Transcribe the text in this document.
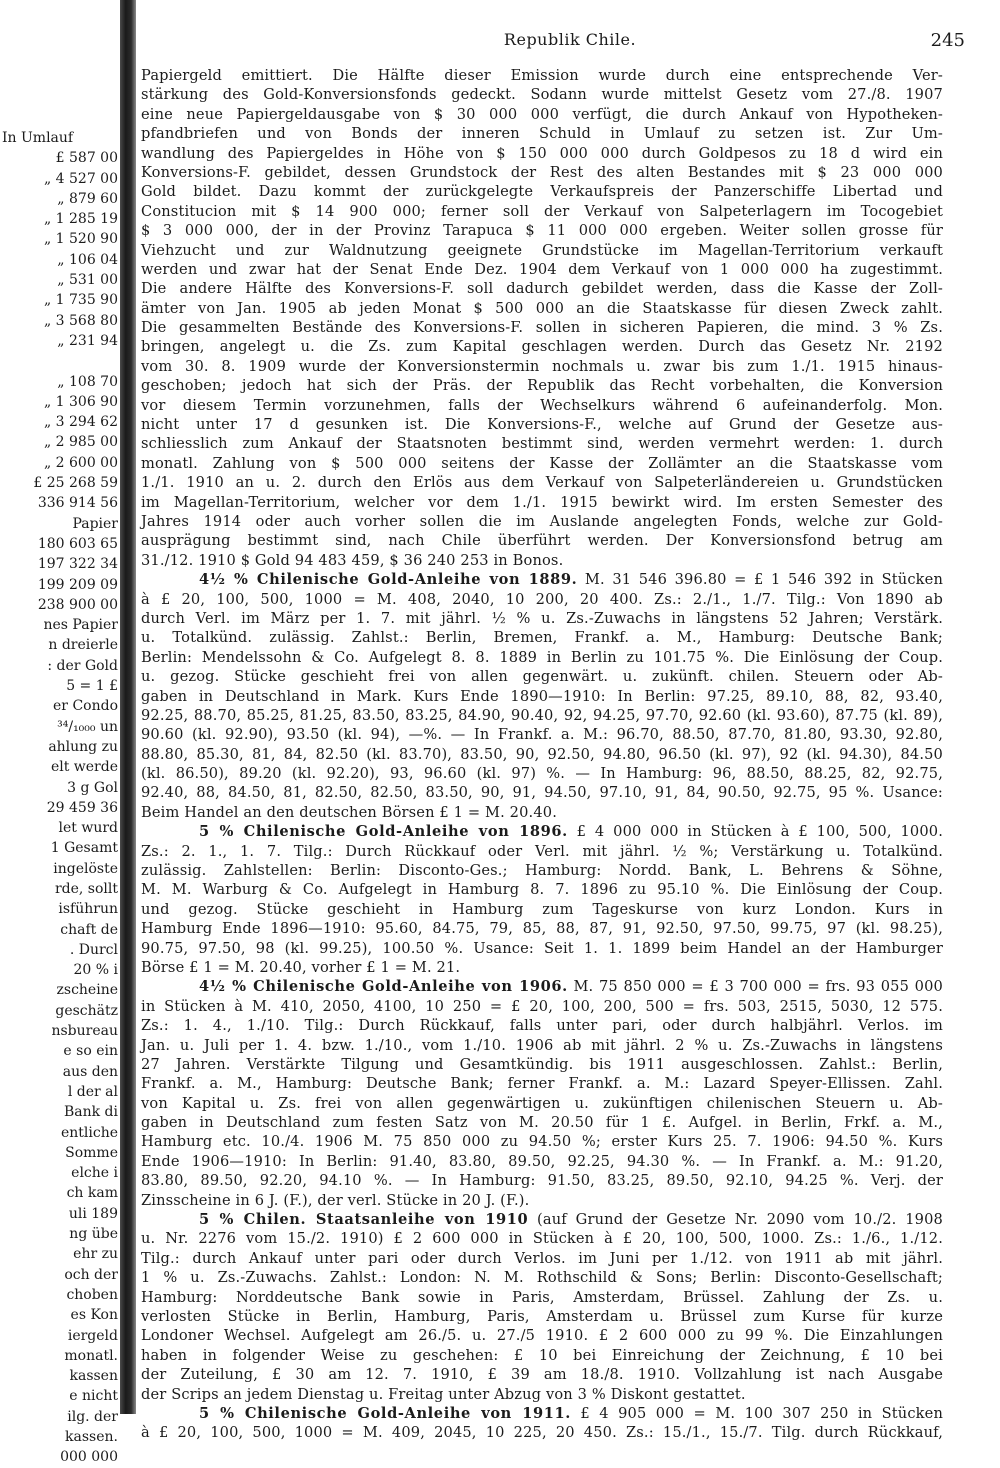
In Umlauf
£ 587 00
„ 4 527 00
„ 879 60
„ 1 285 19
„ 1 520 90
„ 106 04
„ 531 00
„ 1 735 90
„ 3 568 80
„ 231 94
„ 108 70
„ 1 306 90
„ 3 294 62
„ 2 985 00
„ 2 600 00
£ 25 268 59
336 914 56
Papier
180 603 65
197 322 34
199 209 09
238 900 00
nes Papier
n dreierle
: der Gold
5 = 1 £
er Condo
³⁴/₁₀₀₀ un
ahlung zu
elt werde
3 g Gol
29 459 36
let wurd
1 Gesamt
ingelöste
rde, sollt
isführun
chaft de
. Durcl
20 % i
zscheine
geschätz
nsbureau
e so ein
aus den
l der al
Bank di
entliche
Somme
elche i
ch kam
uli 189
ng übe
ehr zu
och der
choben
es Kon
iergeld
monatl.
kassen
e nicht
ilg. der
kassen.
000 000
Republik Chile.	245
Papiergeld emittiert. Die Hälfte dieser Emission wurde durch eine entsprechende Ver-
stärkung des Gold-Konversionsfonds gedeckt. Sodann wurde mittelst Gesetz vom 27./8. 1907
eine neue Papiergeldausgabe von $ 30 000 000 verfügt, die durch Ankauf von Hypotheken-
pfandbriefen und von Bonds der inneren Schuld in Umlauf zu setzen ist. Zur Um-
wandlung des Papiergeldes in Höhe von $ 150 000 000 durch Goldpesos zu 18 d wird ein
Konversions-F. gebildet, dessen Grundstock der Rest des alten Bestandes mit $ 23 000 000
Gold bildet. Dazu kommt der zurückgelegte Verkaufspreis der Panzerschiffe Libertad und
Constitucion mit $ 14 900 000; ferner soll der Verkauf von Salpeterlagern im Tocogebiet
$ 3 000 000, der in der Provinz Tarapuca $ 11 000 000 ergeben. Weiter sollen grosse für
Viehzucht und zur Waldnutzung geeignete Grundstücke im Magellan-Territorium verkauft
werden und zwar hat der Senat Ende Dez. 1904 dem Verkauf von 1 000 000 ha zugestimmt.
Die andere Hälfte des Konversions-F. soll dadurch gebildet werden, dass die Kasse der Zoll-
ämter von Jan. 1905 ab jeden Monat $ 500 000 an die Staatskasse für diesen Zweck zahlt.
Die gesammelten Bestände des Konversions-F. sollen in sicheren Papieren, die mind. 3 % Zs.
bringen, angelegt u. die Zs. zum Kapital geschlagen werden. Durch das Gesetz Nr. 2192
vom 30. 8. 1909 wurde der Konversionstermin nochmals u. zwar bis zum 1./1. 1915 hinaus-
geschoben; jedoch hat sich der Präs. der Republik das Recht vorbehalten, die Konversion
vor diesem Termin vorzunehmen, falls der Wechselkurs während 6 aufeinanderfolg. Mon.
nicht unter 17 d gesunken ist. Die Konversions-F., welche auf Grund der Gesetze aus-
schliesslich zum Ankauf der Staatsnoten bestimmt sind, werden vermehrt werden: 1. durch
monatl. Zahlung von $ 500 000 seitens der Kasse der Zollämter an die Staatskasse vom
1./1. 1910 an u. 2. durch den Erlös aus dem Verkauf von Salpeterländereien u. Grundstücken
im Magellan-Territorium, welcher vor dem 1./1. 1915 bewirkt wird. Im ersten Semester des
Jahres 1914 oder auch vorher sollen die im Auslande angelegten Fonds, welche zur Gold-
ausprägung bestimmt sind, nach Chile überführt werden. Der Konversionsfond betrug am
31./12. 1910 $ Gold 94 483 459, $ 36 240 253 in Bonos.
4½ % Chilenische Gold-Anleihe von 1889. M. 31 546 396.80 = £ 1 546 392 in Stücken
à £ 20, 100, 500, 1000 = M. 408, 2040, 10 200, 20 400. Zs.: 2./1., 1./7. Tilg.: Von 1890 ab
durch Verl. im März per 1. 7. mit jährl. ½ % u. Zs.-Zuwachs in längstens 52 Jahren; Verstärk.
u. Totalkünd. zulässig. Zahlst.: Berlin, Bremen, Frankf. a. M., Hamburg: Deutsche Bank;
Berlin: Mendelssohn & Co. Aufgelegt 8. 8. 1889 in Berlin zu 101.75 %. Die Einlösung der Coup.
u. gezog. Stücke geschieht frei von allen gegenwärt. u. zukünft. chilen. Steuern oder Ab-
gaben in Deutschland in Mark. Kurs Ende 1890—1910: In Berlin: 97.25, 89.10, 88, 82, 93.40,
92.25, 88.70, 85.25, 81.25, 83.50, 83.25, 84.90, 90.40, 92, 94.25, 97.70, 92.60 (kl. 93.60), 87.75 (kl. 89),
90.60 (kl. 92.90), 93.50 (kl. 94), —%. — In Frankf. a. M.: 96.70, 88.50, 87.70, 81.80, 93.30, 92.80,
88.80, 85.30, 81, 84, 82.50 (kl. 83.70), 83.50, 90, 92.50, 94.80, 96.50 (kl. 97), 92 (kl. 94.30), 84.50
(kl. 86.50), 89.20 (kl. 92.20), 93, 96.60 (kl. 97) %. — In Hamburg: 96, 88.50, 88.25, 82, 92.75,
92.40, 88, 84.50, 81, 82.50, 82.50, 83.50, 90, 91, 94.50, 97.10, 91, 84, 90.50, 92.75, 95 %. Usance:
Beim Handel an den deutschen Börsen £ 1 = M. 20.40.
5 % Chilenische Gold-Anleihe von 1896. £ 4 000 000 in Stücken à £ 100, 500, 1000.
Zs.: 2. 1., 1. 7. Tilg.: Durch Rückkauf oder Verl. mit jährl. ½ %; Verstärkung u. Totalkünd.
zulässig. Zahlstellen: Berlin: Disconto-Ges.; Hamburg: Nordd. Bank, L. Behrens & Söhne,
M. M. Warburg & Co. Aufgelegt in Hamburg 8. 7. 1896 zu 95.10 %. Die Einlösung der Coup.
und gezog. Stücke geschieht in Hamburg zum Tageskurse von kurz London. Kurs in
Hamburg Ende 1896—1910: 95.60, 84.75, 79, 85, 88, 87, 91, 92.50, 97.50, 99.75, 97 (kl. 98.25),
90.75, 97.50, 98 (kl. 99.25), 100.50 %. Usance: Seit 1. 1. 1899 beim Handel an der Hamburger
Börse £ 1 = M. 20.40, vorher £ 1 = M. 21.
4½ % Chilenische Gold-Anleihe von 1906. M. 75 850 000 = £ 3 700 000 = frs. 93 055 000
in Stücken à M. 410, 2050, 4100, 10 250 = £ 20, 100, 200, 500 = frs. 503, 2515, 5030, 12 575.
Zs.: 1. 4., 1./10. Tilg.: Durch Rückkauf, falls unter pari, oder durch halbjährl. Verlos. im
Jan. u. Juli per 1. 4. bzw. 1./10., vom 1./10. 1906 ab mit jährl. 2 % u. Zs.-Zuwachs in längstens
27 Jahren. Verstärkte Tilgung und Gesamtkündig. bis 1911 ausgeschlossen. Zahlst.: Berlin,
Frankf. a. M., Hamburg: Deutsche Bank; ferner Frankf. a. M.: Lazard Speyer-Ellissen. Zahl.
von Kapital u. Zs. frei von allen gegenwärtigen u. zukünftigen chilenischen Steuern u. Ab-
gaben in Deutschland zum festen Satz von M. 20.50 für 1 £. Aufgel. in Berlin, Frkf. a. M.,
Hamburg etc. 10./4. 1906 M. 75 850 000 zu 94.50 %; erster Kurs 25. 7. 1906: 94.50 %. Kurs
Ende 1906—1910: In Berlin: 91.40, 83.80, 89.50, 92.25, 94.30 %. — In Frankf. a. M.: 91.20,
83.80, 89.50, 92.20, 94.10 %. — In Hamburg: 91.50, 83.25, 89.50, 92.10, 94.25 %. Verj. der
Zinsscheine in 6 J. (F.), der verl. Stücke in 20 J. (F.).
5 % Chilen. Staatsanleihe von 1910 (auf Grund der Gesetze Nr. 2090 vom 10./2. 1908
u. Nr. 2276 vom 15./2. 1910) £ 2 600 000 in Stücken à £ 20, 100, 500, 1000. Zs.: 1./6., 1./12.
Tilg.: durch Ankauf unter pari oder durch Verlos. im Juni per 1./12. von 1911 ab mit jährl.
1 % u. Zs.-Zuwachs. Zahlst.: London: N. M. Rothschild & Sons; Berlin: Disconto-Gesellschaft;
Hamburg: Norddeutsche Bank sowie in Paris, Amsterdam, Brüssel. Zahlung der Zs. u.
verlosten Stücke in Berlin, Hamburg, Paris, Amsterdam u. Brüssel zum Kurse für kurze
Londoner Wechsel. Aufgelegt am 26./5. u. 27./5 1910. £ 2 600 000 zu 99 %. Die Einzahlungen
haben in folgender Weise zu geschehen: £ 10 bei Einreichung der Zeichnung, £ 10 bei
der Zuteilung, £ 30 am 12. 7. 1910, £ 39 am 18./8. 1910. Vollzahlung ist nach Ausgabe
der Scrips an jedem Dienstag u. Freitag unter Abzug von 3 % Diskont gestattet.
5 % Chilenische Gold-Anleihe von 1911. £ 4 905 000 = M. 100 307 250 in Stücken
à £ 20, 100, 500, 1000 = M. 409, 2045, 10 225, 20 450. Zs.: 15./1., 15./7. Tilg. durch Rückkauf,
